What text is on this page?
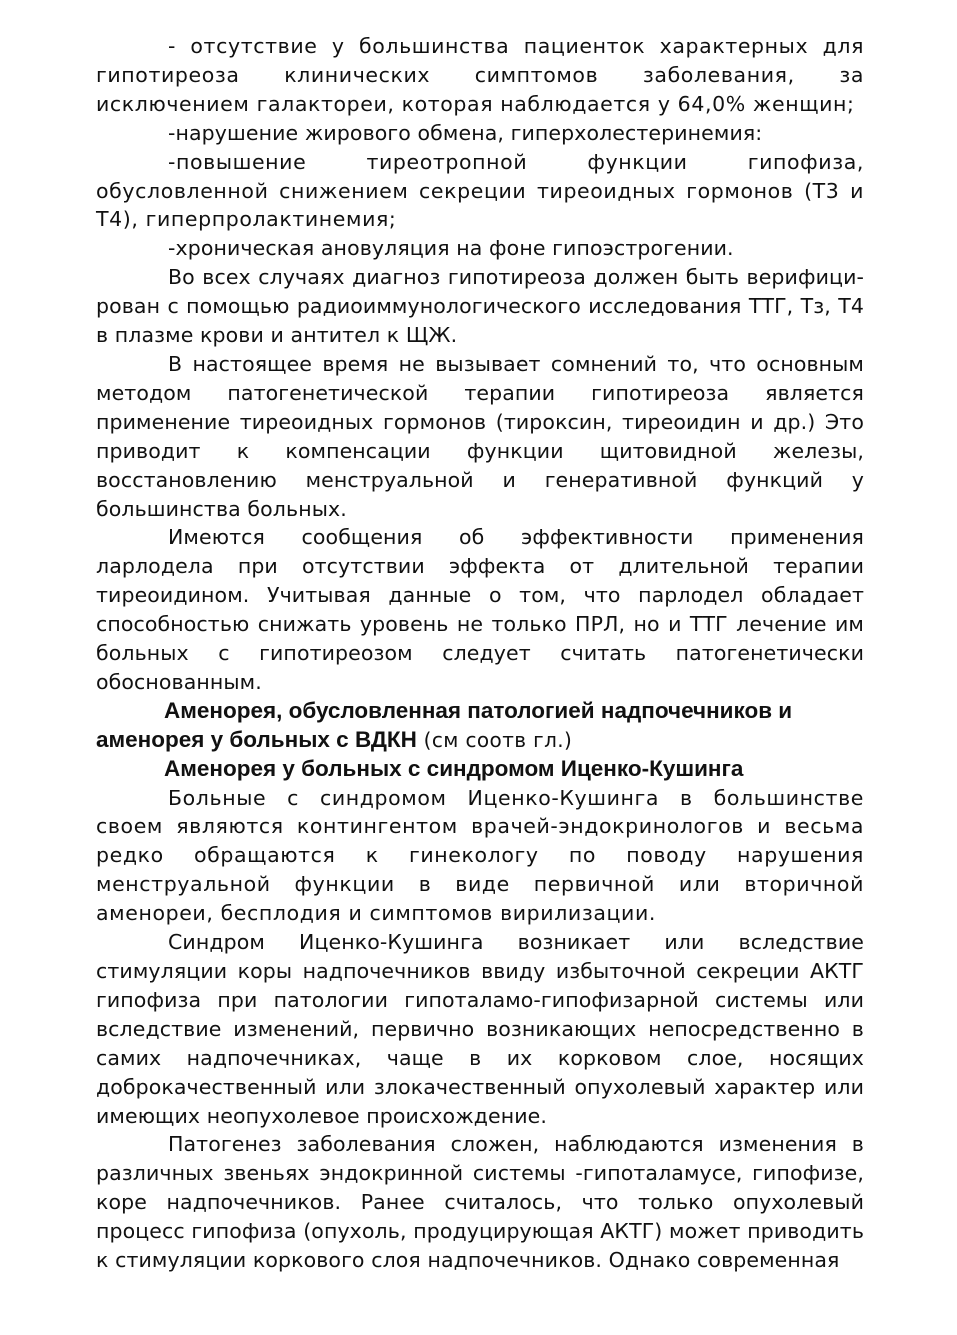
- отсутствие у большинства пациенток характерных для гипотиреоза клинических симптомов заболевания, за исключением галактореи, которая наблюдается у 64,0% женщин;

-нарушение жирового обмена, гиперхолестеринемия:

-повышение тиреотропной функции гипофиза, обусловленной снижением секреции тиреоидных гормонов (Т3 и Т4), гиперпролактинемия;

-хроническая ановуляция на фоне гипоэстрогении.

Во всех случаях диагноз гипотиреоза должен быть верифици-рован с помощью радиоиммунологического исследования ТТГ, Тз, Т4 в плазме крови и антител к ЩЖ.

В настоящее время не вызывает сомнений то, что основным методом патогенетической терапии гипотиреоза является применение тиреоидных гормонов (тироксин, тиреоидин и др.) Это приводит к компенсации функции щитовидной железы, восстановлению менструальной и генеративной функций у большинства больных.

Имеются сообщения об эффективности применения ларлодела при отсутствии эффекта от длительной терапии тиреоидином. Учитывая данные о том, что парлодел обладает способностью снижать уровень не только ПРЛ, но и ТТГ лечение им больных с гипотиреозом следует считать патогенетически обоснованным.

Аменорея, обусловленная патологией надпочечников и аменорея у больных с ВДКН (см соотв гл.)

Аменорея у больных с синдромом Иценко-Кушинга

Больные с синдромом Иценко-Кушинга в большинстве своем являются контингентом врачей-эндокринологов и весьма редко обращаются к гинекологу по поводу нарушения менструальной функции в виде первичной или вторичной аменореи, бесплодия и симптомов вирилизации.

Синдром Иценко-Кушинга возникает или вследствие стимуляции коры надпочечников ввиду избыточной секреции АКТГ гипофиза при патологии гипоталамо-гипофизарной системы или вследствие изменений, первично возникающих непосредственно в самих надпочечниках, чаще в их корковом слое, носящих доброкачественный или злокачественный опухолевый характер или имеющих неопухолевое происхождение.

Патогенез заболевания сложен, наблюдаются изменения в различных звеньях эндокринной системы -гипоталамусе, гипофизе, коре надпочечников. Ранее считалось, что только опухолевый процесс гипофиза (опухоль, продуцирующая АКТГ) может приводить к стимуляции коркового слоя надпочечников. Однако современная
